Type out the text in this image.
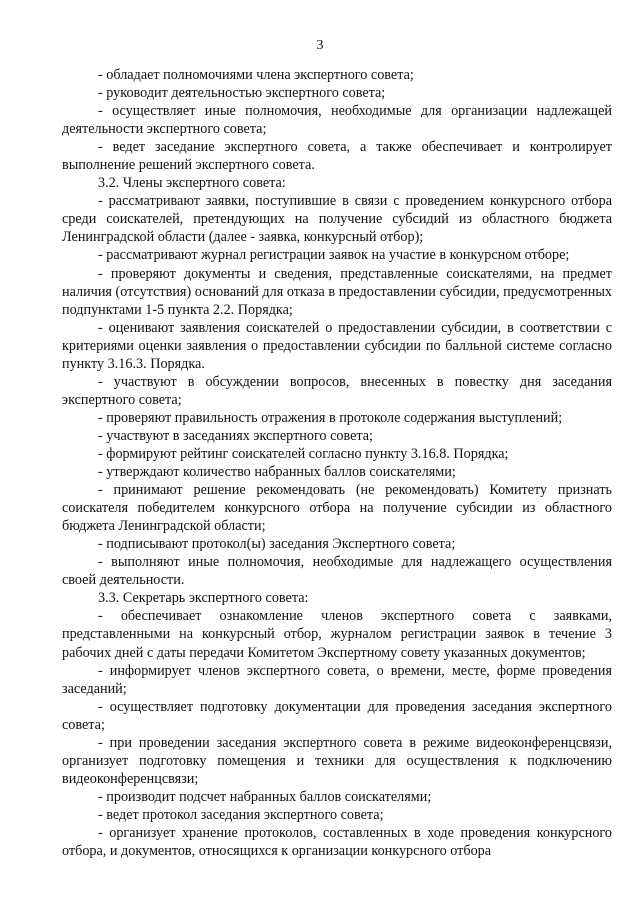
3

- обладает полномочиями члена экспертного совета;

- руководит деятельностью экспертного совета;

- осуществляет иные полномочия, необходимые для организации надлежащей деятельности экспертного совета;

- ведет заседание экспертного совета, а также обеспечивает и контролирует выполнение решений экспертного совета.

3.2. Члены экспертного совета:

- рассматривают заявки, поступившие в связи с проведением конкурсного отбора среди соискателей, претендующих на получение субсидий из областного бюджета Ленинградской области (далее - заявка, конкурсный отбор);

- рассматривают журнал регистрации заявок на участие в конкурсном отборе;

- проверяют документы и сведения, представленные соискателями, на предмет наличия (отсутствия) оснований для отказа в предоставлении субсидии, предусмотренных подпунктами 1-5 пункта 2.2. Порядка;

- оценивают заявления соискателей о предоставлении субсидии, в соответствии с критериями оценки заявления о предоставлении субсидии по балльной системе согласно пункту 3.16.3. Порядка.

- участвуют в обсуждении вопросов, внесенных в повестку дня заседания экспертного совета;

- проверяют правильность отражения в протоколе содержания выступлений;

- участвуют в заседаниях экспертного совета;

- формируют рейтинг соискателей согласно пункту 3.16.8. Порядка;

- утверждают количество набранных баллов соискателями;

- принимают решение рекомендовать (не рекомендовать) Комитету признать соискателя победителем конкурсного отбора на получение субсидии из областного бюджета Ленинградской области;

- подписывают протокол(ы) заседания Экспертного совета;

- выполняют иные полномочия, необходимые для надлежащего осуществления своей деятельности.

3.3. Секретарь экспертного совета:

- обеспечивает ознакомление членов экспертного совета с заявками, представленными на конкурсный отбор, журналом регистрации заявок в течение 3 рабочих дней с даты передачи Комитетом Экспертному совету указанных документов;

- информирует членов экспертного совета, о времени, месте, форме проведения заседаний;

- осуществляет подготовку документации для проведения заседания экспертного совета;

- при проведении заседания экспертного совета в режиме видеоконференцсвязи, организует подготовку помещения и техники для осуществления к подключению видеоконференцсвязи;

- производит подсчет набранных баллов соискателями;

- ведет протокол заседания экспертного совета;

- организует хранение протоколов, составленных в ходе проведения конкурсного отбора, и документов, относящихся к организации конкурсного отбора
